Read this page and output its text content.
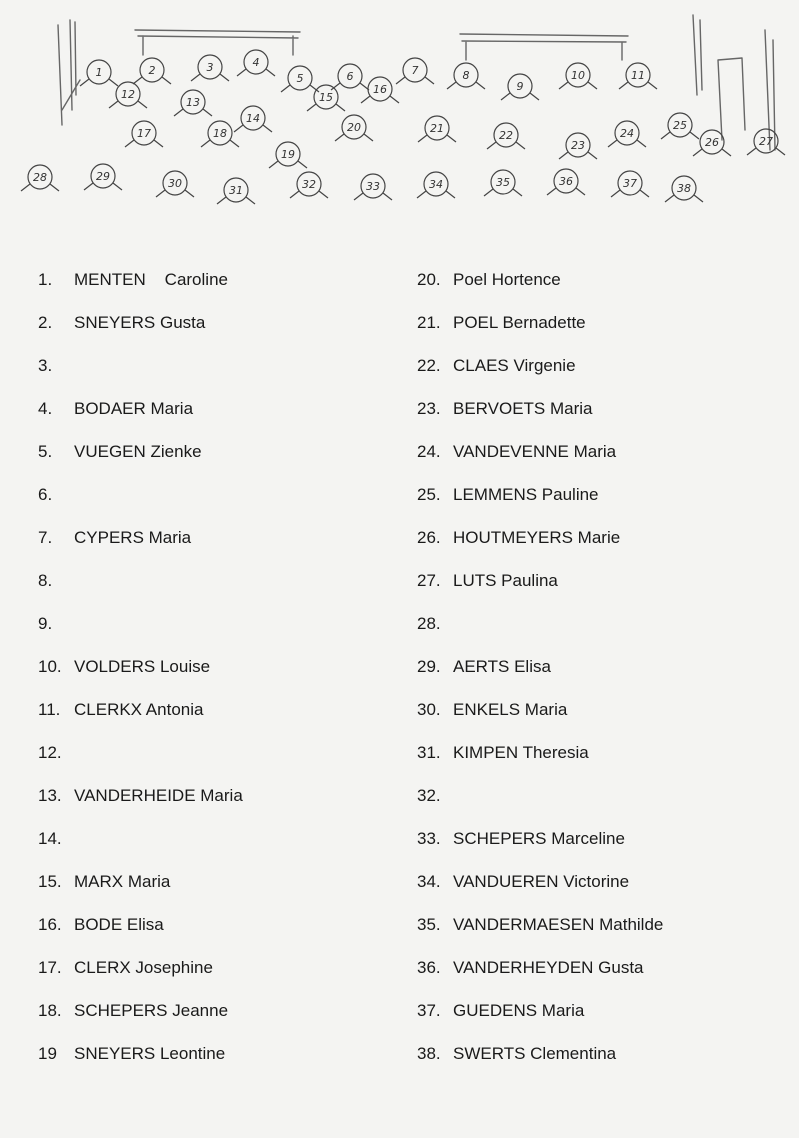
1	2	3	4
5	6	7	8
9
10	11
12
13
14
15
16
17	18
19
20	21
22
23
24
25
26	27
28	29
30
31	32	33	34	35	36	37	38
1.	MENTEN    Caroline
2.	SNEYERS Gusta
3.
4.	BODAER Maria
5.	VUEGEN Zienke
6.
7.	CYPERS Maria
8.
9.
10. VOLDERS Louise
11. CLERKX Antonia
12.
13. VANDERHEIDE Maria
14.
15. MARX Maria
16. BODE Elisa
17. CLERX Josephine
18. SCHEPERS Jeanne
19	SNEYERS Leontine
20. Poel Hortence
21. POEL Bernadette
22. CLAES Virgenie
23. BERVOETS Maria
24. VANDEVENNE Maria
25. LEMMENS Pauline
26. HOUTMEYERS Marie
27. LUTS Paulina
28.
29. AERTS Elisa
30. ENKELS Maria
31. KIMPEN Theresia
32.
33. SCHEPERS Marceline
34. VANDUEREN Victorine
35. VANDERMAESEN Mathilde
36. VANDERHEYDEN Gusta
37. GUEDENS Maria
38. SWERTS Clementina
